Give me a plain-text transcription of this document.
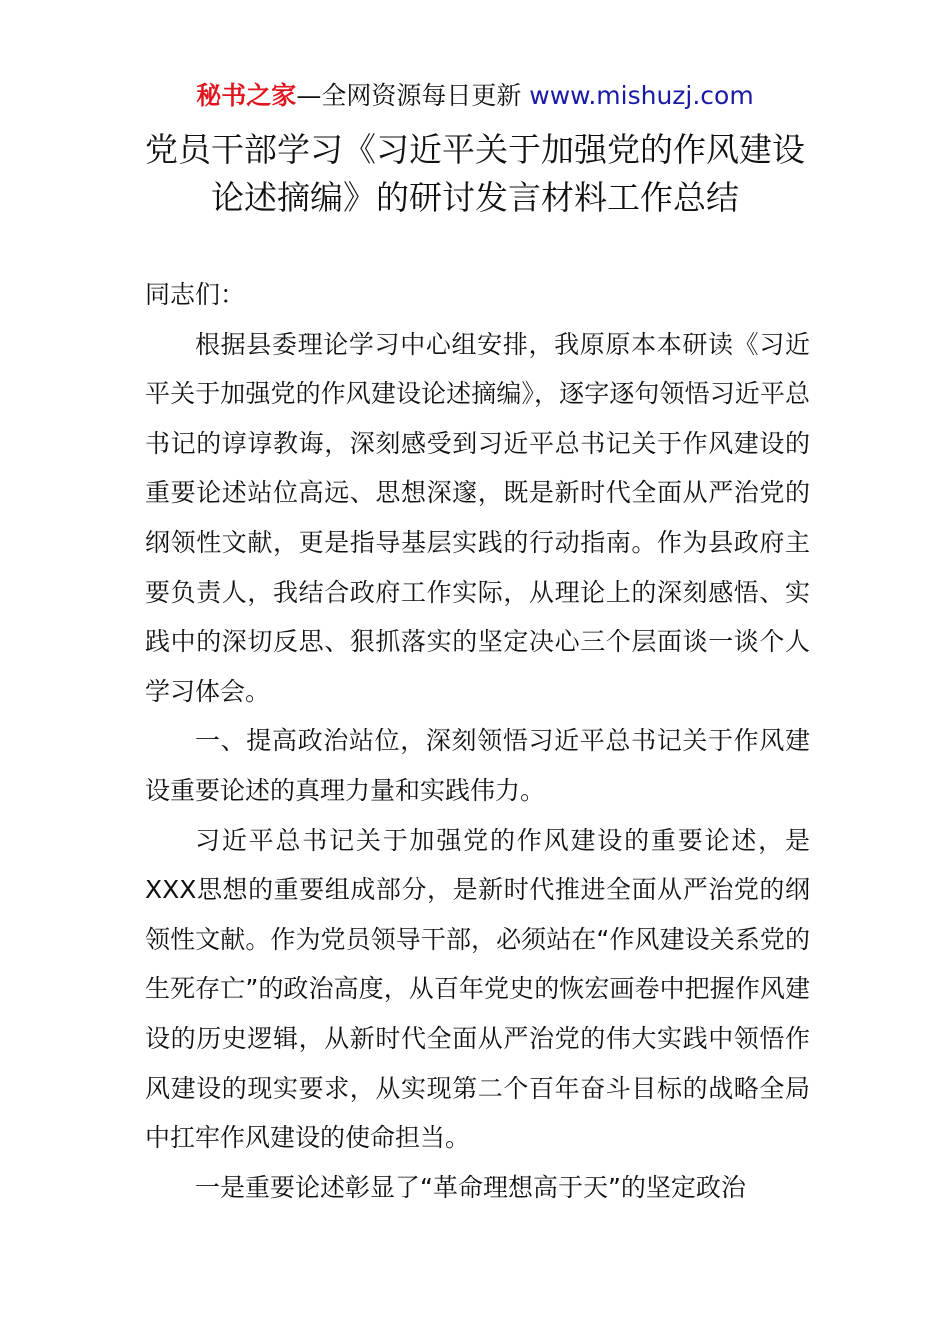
秘书之家—全网资源每日更新 www.mishuzj.com
党员干部学习《习近平关于加强党的作风建设
论述摘编》的研讨发言材料工作总结

同志们：

根据县委理论学习中心组安排，我原原本本研读《习近平关于加强党的作风建设论述摘编》，逐字逐句领悟习近平总书记的谆谆教诲，深刻感受到习近平总书记关于作风建设的重要论述站位高远、思想深邃，既是新时代全面从严治党的纲领性文献，更是指导基层实践的行动指南。作为县政府主要负责人，我结合政府工作实际，从理论上的深刻感悟、实践中的深切反思、狠抓落实的坚定决心三个层面谈一谈个人学习体会。

一、提高政治站位，深刻领悟习近平总书记关于作风建设重要论述的真理力量和实践伟力。

习近平总书记关于加强党的作风建设的重要论述，是XXX思想的重要组成部分，是新时代推进全面从严治党的纲领性文献。作为党员领导干部，必须站在“作风建设关系党的生死存亡”的政治高度，从百年党史的恢宏画卷中把握作风建设的历史逻辑，从新时代全面从严治党的伟大实践中领悟作风建设的现实要求，从实现第二个百年奋斗目标的战略全局中扛牢作风建设的使命担当。

一是重要论述彰显了“革命理想高于天”的坚定政治
